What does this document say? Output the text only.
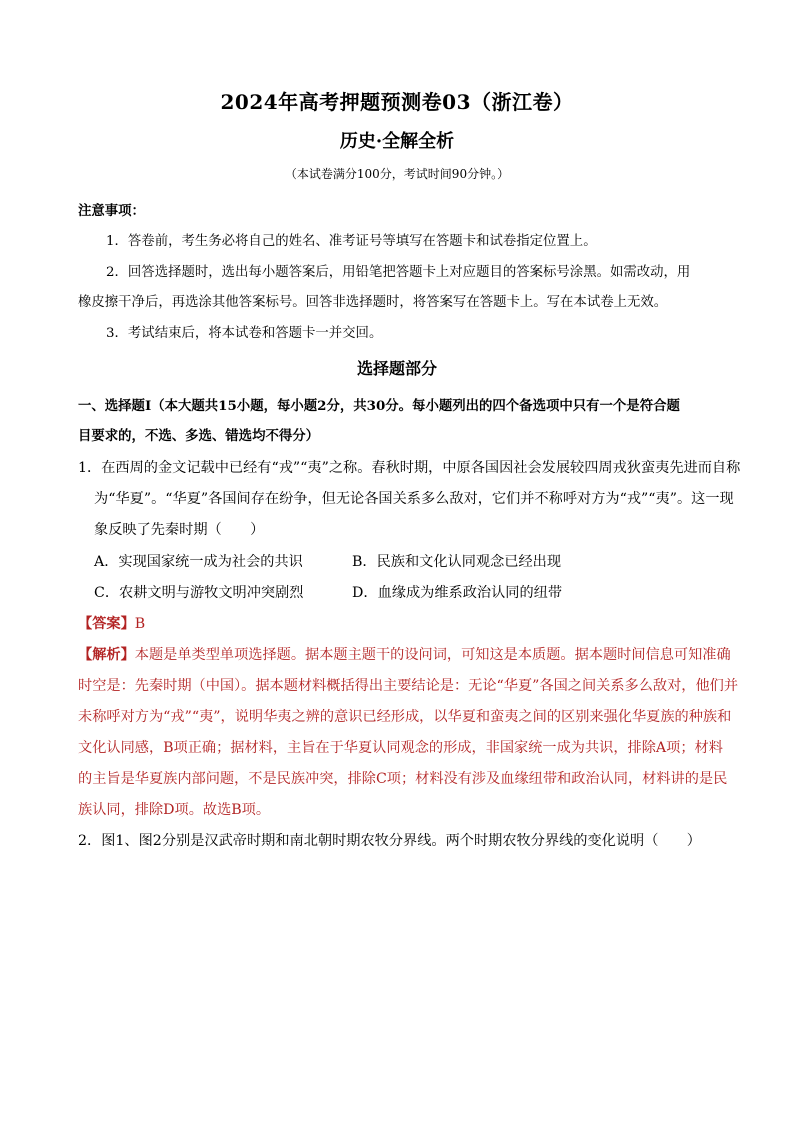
2024年高考押题预测卷03（浙江卷）
历史·全解全析
（本试卷满分100分，考试时间90分钟。）
注意事项：
1．答卷前，考生务必将自己的姓名、准考证号等填写在答题卡和试卷指定位置上。
2．回答选择题时，选出每小题答案后，用铅笔把答题卡上对应题目的答案标号涂黑。如需改动，用
橡皮擦干净后，再选涂其他答案标号。回答非选择题时，将答案写在答题卡上。写在本试卷上无效。
3．考试结束后，将本试卷和答题卡一并交回。
选择题部分
一、选择题Ⅰ（本大题共15小题，每小题2分，共30分。每小题列出的四个备选项中只有一个是符合题
目要求的，不选、多选、错选均不得分）
1．在西周的金文记载中已经有“戎”“夷”之称。春秋时期，中原各国因社会发展较四周戎狄蛮夷先进而自称
为“华夏”。“华夏”各国间存在纷争，但无论各国关系多么敌对，它们并不称呼对方为“戎”“夷”。这一现
象反映了先秦时期（　　）
A．实现国家统一成为社会的共识	B．民族和文化认同观念已经出现
C．农耕文明与游牧文明冲突剧烈	D．血缘成为维系政治认同的纽带
【答案】B
【解析】本题是单类型单项选择题。据本题主题干的设问词，可知这是本质题。据本题时间信息可知准确
时空是：先秦时期（中国）。据本题材料概括得出主要结论是：无论“华夏”各国之间关系多么敌对，他们并
未称呼对方为“戎”“夷”，说明华夷之辨的意识已经形成，以华夏和蛮夷之间的区别来强化华夏族的种族和
文化认同感，B项正确；据材料，主旨在于华夏认同观念的形成，非国家统一成为共识，排除A项；材料
的主旨是华夏族内部问题，不是民族冲突，排除C项；材料没有涉及血缘纽带和政治认同，材料讲的是民
族认同，排除D项。故选B项。
2．图1、图2分别是汉武帝时期和南北朝时期农牧分界线。两个时期农牧分界线的变化说明（　　）
